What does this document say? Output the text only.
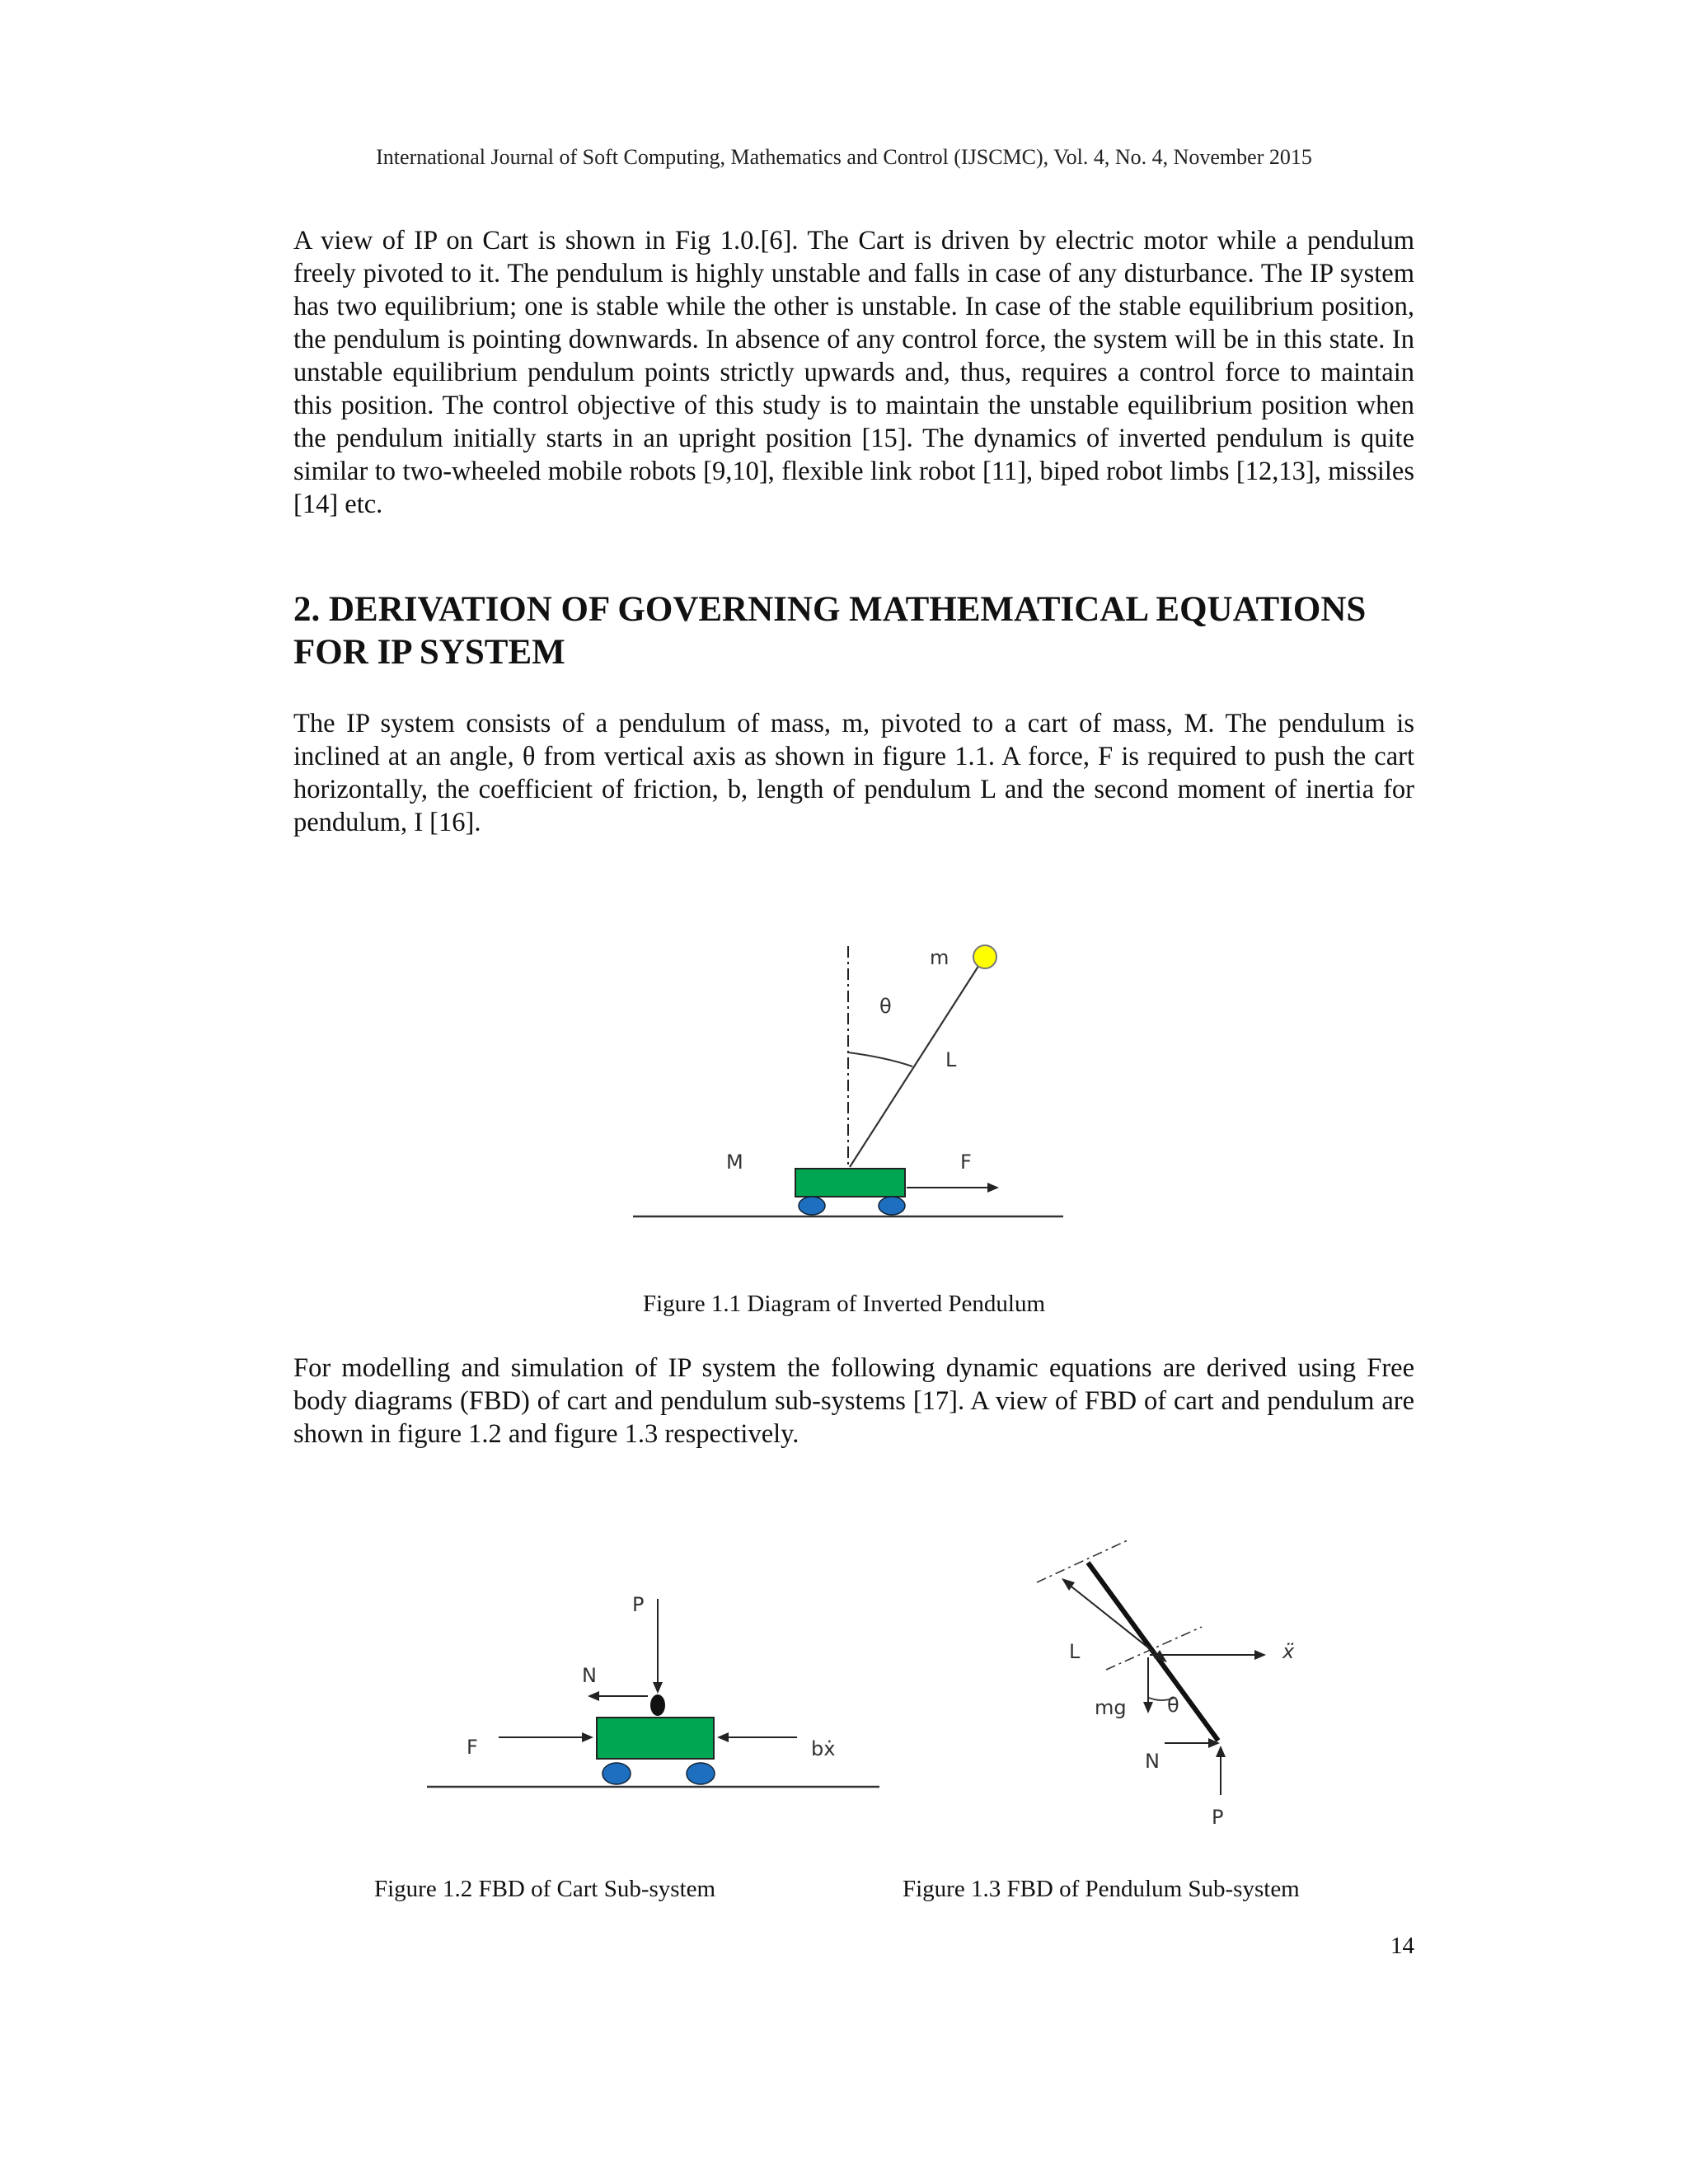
International Journal of Soft Computing, Mathematics and Control (IJSCMC), Vol. 4, No. 4, November 2015

A view of IP on Cart is shown in Fig 1.0.[6]. The Cart is driven by electric motor while a pendulum freely pivoted to it. The pendulum is highly unstable and falls in case of any disturbance. The IP system has two equilibrium; one is stable while the other is unstable. In case of the stable equilibrium position, the pendulum is pointing downwards. In absence of any control force, the system will be in this state. In unstable equilibrium pendulum points strictly upwards and, thus, requires a control force to maintain this position. The control objective of this study is to maintain the unstable equilibrium position when the pendulum initially starts in an upright position [15]. The dynamics of inverted pendulum is quite similar to two-wheeled mobile robots [9,10], flexible link robot [11], biped robot limbs [12,13], missiles [14] etc.

2. DERIVATION OF GOVERNING MATHEMATICAL EQUATIONS
FOR IP SYSTEM

The IP system consists of a pendulum of mass, m, pivoted to a cart of mass, M. The pendulum is inclined at an angle, θ from vertical axis as shown in figure 1.1. A force, F is required to push the cart horizontally, the coefficient of friction, b, length of pendulum L and the second moment of inertia for pendulum, I [16].

m
θ
L
M	F
P
N
F	bẋ
L	ẍ
mg θ
N
P

Figure 1.1 Diagram of Inverted Pendulum

For modelling and simulation of IP system the following dynamic equations are derived using Free body diagrams (FBD) of cart and pendulum sub-systems [17]. A view of FBD of cart and pendulum are shown in figure 1.2 and figure 1.3 respectively.

Figure 1.2 FBD of Cart Sub-system	Figure 1.3 FBD of Pendulum Sub-system

14
